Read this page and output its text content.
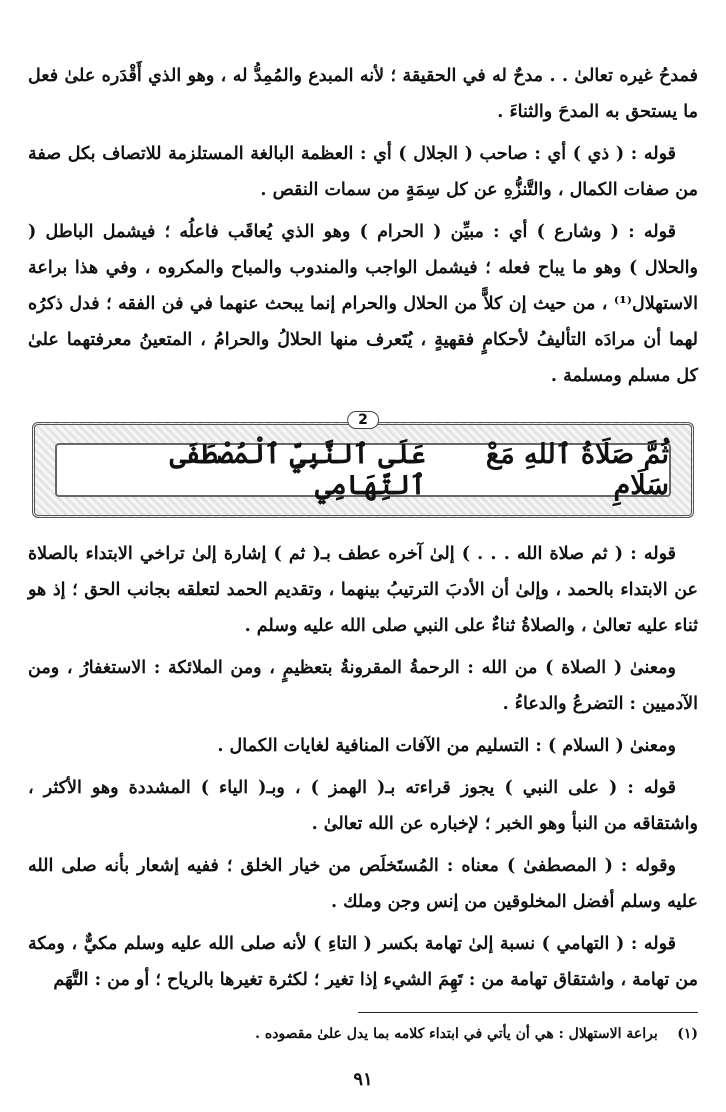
فمدحُ غيره تعالىٰ . . مدحٌ له في الحقيقة ؛ لأنه المبدع والمُمِدُّ له ، وهو الذي أَقْدَره علىٰ فعل ما يستحق به المدحَ والثناءَ .

قوله : ( ذي ) أي : صاحب ( الجلال ) أي : العظمة البالغة المستلزمة للاتصاف بكل صفة من صفات الكمال ، والتَّنزُّهِ عن كل سِمَةٍ من سمات النقص .

قوله : ( وشارع ) أي : مبيِّن ( الحرام ) وهو الذي يُعاقَب فاعلُه ؛ فيشمل الباطل ( والحلال ) وهو ما يباح فعله ؛ فيشمل الواجب والمندوب والمباح والمكروه ، وفي هذا براعة الاستهلال⁽¹⁾ ، من حيث إن كلاًّ من الحلال والحرام إنما يبحث عنهما في فن الفقه ؛ فدل ذكرُه لهما أن مرادَه التأليفُ لأحكامٍ فقهيةٍ ، يُتَعرف منها الحلالُ والحرامُ ، المتعينُ معرفتهما علىٰ كل مسلم ومسلمة .

2
ثُمَّ صَلَاةُ ٱللهِ مَعْ سَلَامِ
عَلَى ٱلنَّبِيِّ ٱلْمُصْطَفَى ٱلتِّهَامِي

قوله : ( ثم صلاة الله . . . ) إلىٰ آخره عطف بـ( ثم ) إشارة إلىٰ تراخي الابتداء بالصلاة عن الابتداء بالحمد ، وإلىٰ أن الأدبَ الترتيبُ بينهما ، وتقديم الحمد لتعلقه بجانب الحق ؛ إذ هو ثناء عليه تعالىٰ ، والصلاةُ ثناءٌ على النبي صلى الله عليه وسلم .

ومعنىٰ ( الصلاة ) من الله : الرحمةُ المقرونةُ بتعظيمٍ ، ومن الملائكة : الاستغفارُ ، ومن الآدميين : التضرعُ والدعاءُ .

ومعنىٰ ( السلام ) : التسليم من الآفات المنافية لغايات الكمال .

قوله : ( على النبي ) يجوز قراءته بـ( الهمز ) ، وبـ( الياء ) المشددة وهو الأكثر ، واشتقاقه من النبأ وهو الخبر ؛ لإخباره عن الله تعالىٰ .

وقوله : ( المصطفىٰ ) معناه : المُستَخلَص من خيار الخلق ؛ ففيه إشعار بأنه صلى الله عليه وسلم أفضل المخلوقين من إنس وجن وملك .

قوله : ( التهامي ) نسبة إلىٰ تهامة بكسر ( التاءِ ) لأنه صلى الله عليه وسلم مكيٌّ ، ومكة من تهامة ، واشتقاق تهامة من : تَهِمَ الشيء إذا تغير ؛ لكثرة تغيرها بالرياح ؛ أو من : التَّهَم

(١)    براعة الاستهلال : هي أن يأتي في ابتداء كلامه بما يدل علىٰ مقصوده .
٩١
